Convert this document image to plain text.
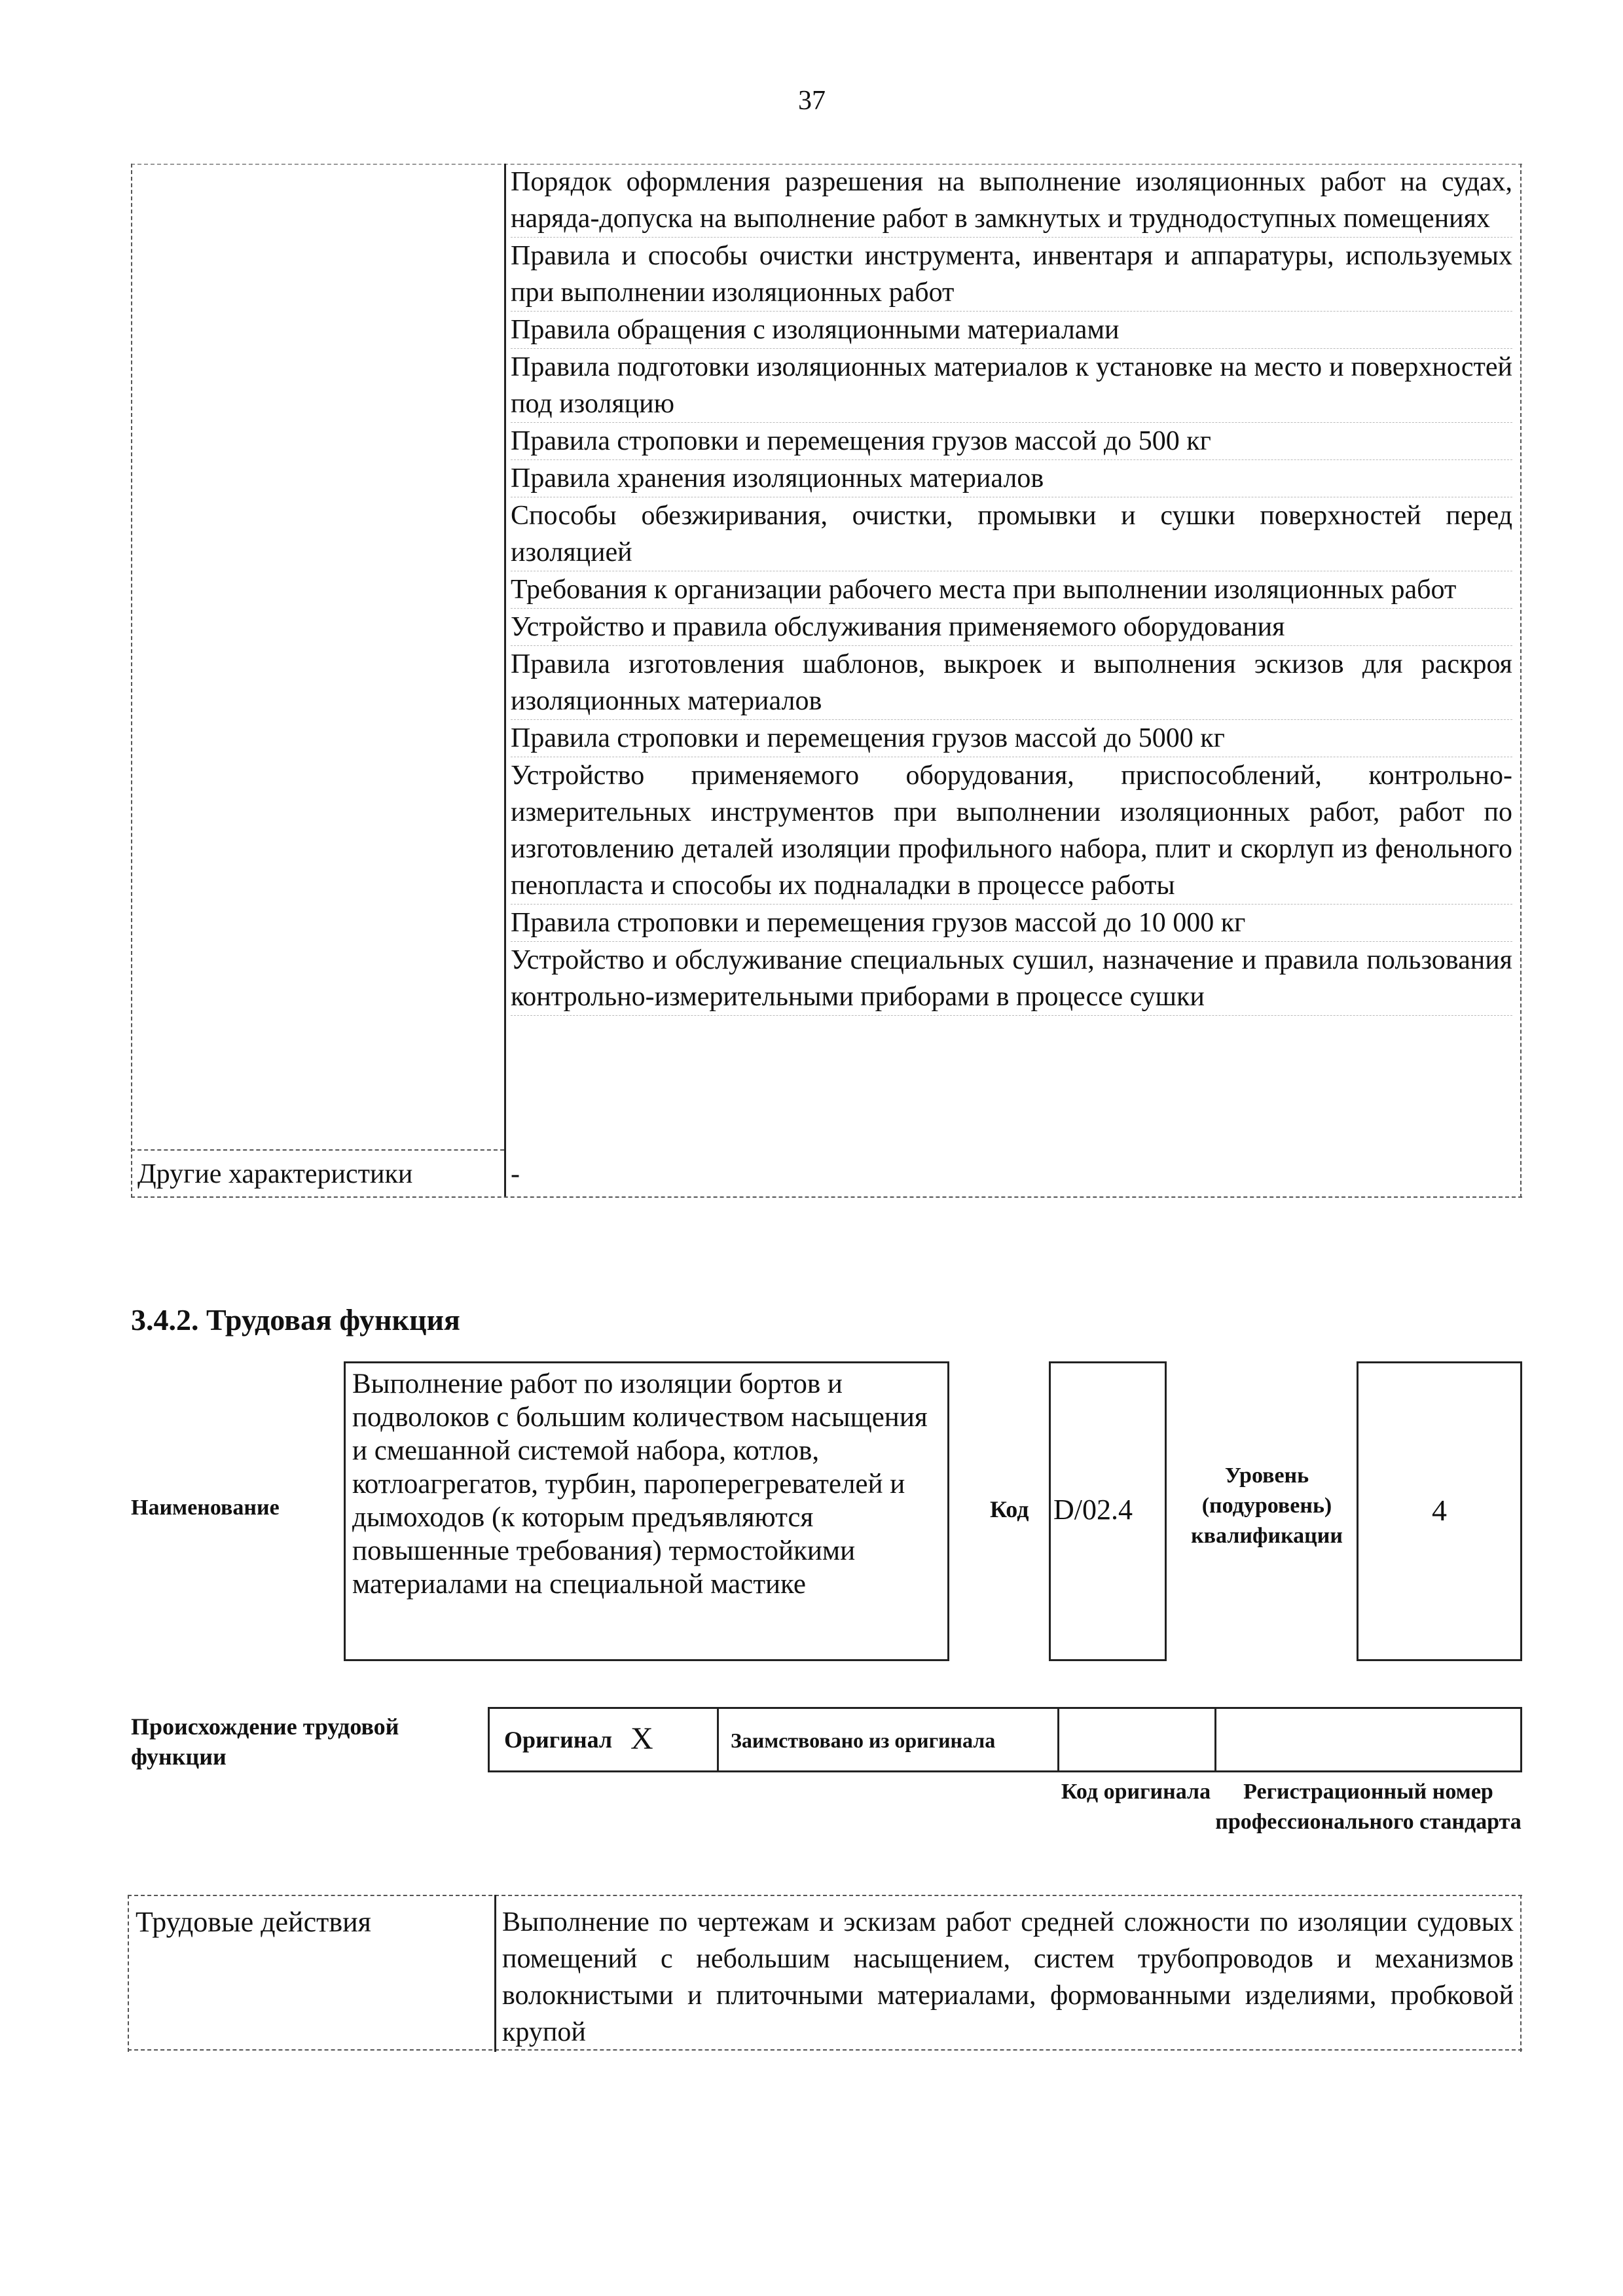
37

Порядок оформления разрешения на выполнение изоляционных работ на судах, наряда-допуска на выполнение работ в замкнутых и труднодоступных помещениях

Правила и способы очистки инструмента, инвентаря и аппаратуры, используемых при выполнении изоляционных работ

Правила обращения с изоляционными материалами

Правила подготовки изоляционных материалов к установке на место и поверхностей под изоляцию

Правила строповки и перемещения грузов массой до 500 кг

Правила хранения изоляционных материалов

Способы обезжиривания, очистки, промывки и сушки поверхностей перед изоляцией

Требования к организации рабочего места при выполнении изоляционных работ

Устройство и правила обслуживания применяемого оборудования

Правила изготовления шаблонов, выкроек и выполнения эскизов для раскроя изоляционных материалов

Правила строповки и перемещения грузов массой до 5000 кг

Устройство применяемого оборудования, приспособлений, контрольно-измерительных инструментов при выполнении изоляционных работ, работ по изготовлению деталей изоляции профильного набора, плит и скорлуп из фенольного пенопласта и способы их подналадки в процессе работы

Правила строповки и перемещения грузов массой до 10 000 кг

Устройство и обслуживание специальных сушил, назначение и правила пользования контрольно-измерительными приборами в процессе сушки

Другие характеристики	-
3.4.2. Трудовая функция
Наименование
Выполнение работ по изоляции бортов и подволоков с большим количеством насыщения и смешанной системой набора, котлов, котлоагрегатов, турбин, пароперегревателей и дымоходов (к которым предъявляются повышенные требования) термостойкими материалами на специальной мастике
Код D/02.4
Уровень (подуровень) квалификации
4
Происхождение трудовой функции
Оригинал X	Заимствовано из оригинала
Код оригинала	Регистрационный номер профессионального стандарта
Трудовые действия	Выполнение по чертежам и эскизам работ средней сложности по изоляции судовых помещений с небольшим насыщением, систем трубопроводов и механизмов волокнистыми и плиточными материалами, формованными изделиями, пробковой крупой
